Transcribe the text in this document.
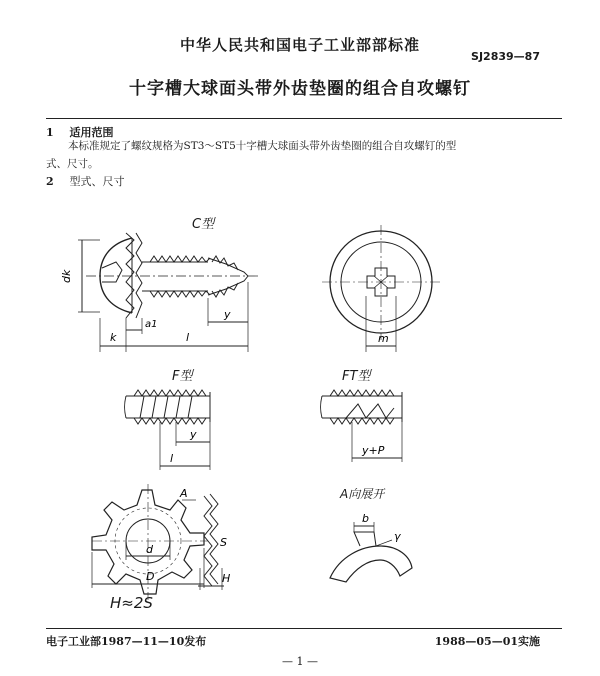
中华人民共和国电子工业部部标准
SJ2839—87
十字槽大球面头带外齿垫圈的组合自攻螺钉
1 适用范围
本标准规定了螺纹规格为ST3～ST5十字槽大球面头带外齿垫圈的组合自攻螺钉的型式、尺寸。
2 型式、尺寸
C型
F型	FT型
A向展开
H≈2S
dk
k
a1
l
y
m
y
l
y+P
A
S
H
D
d
b
γ
电子工业部1987—11—10发布	1988—05—01实施
— 1 —
